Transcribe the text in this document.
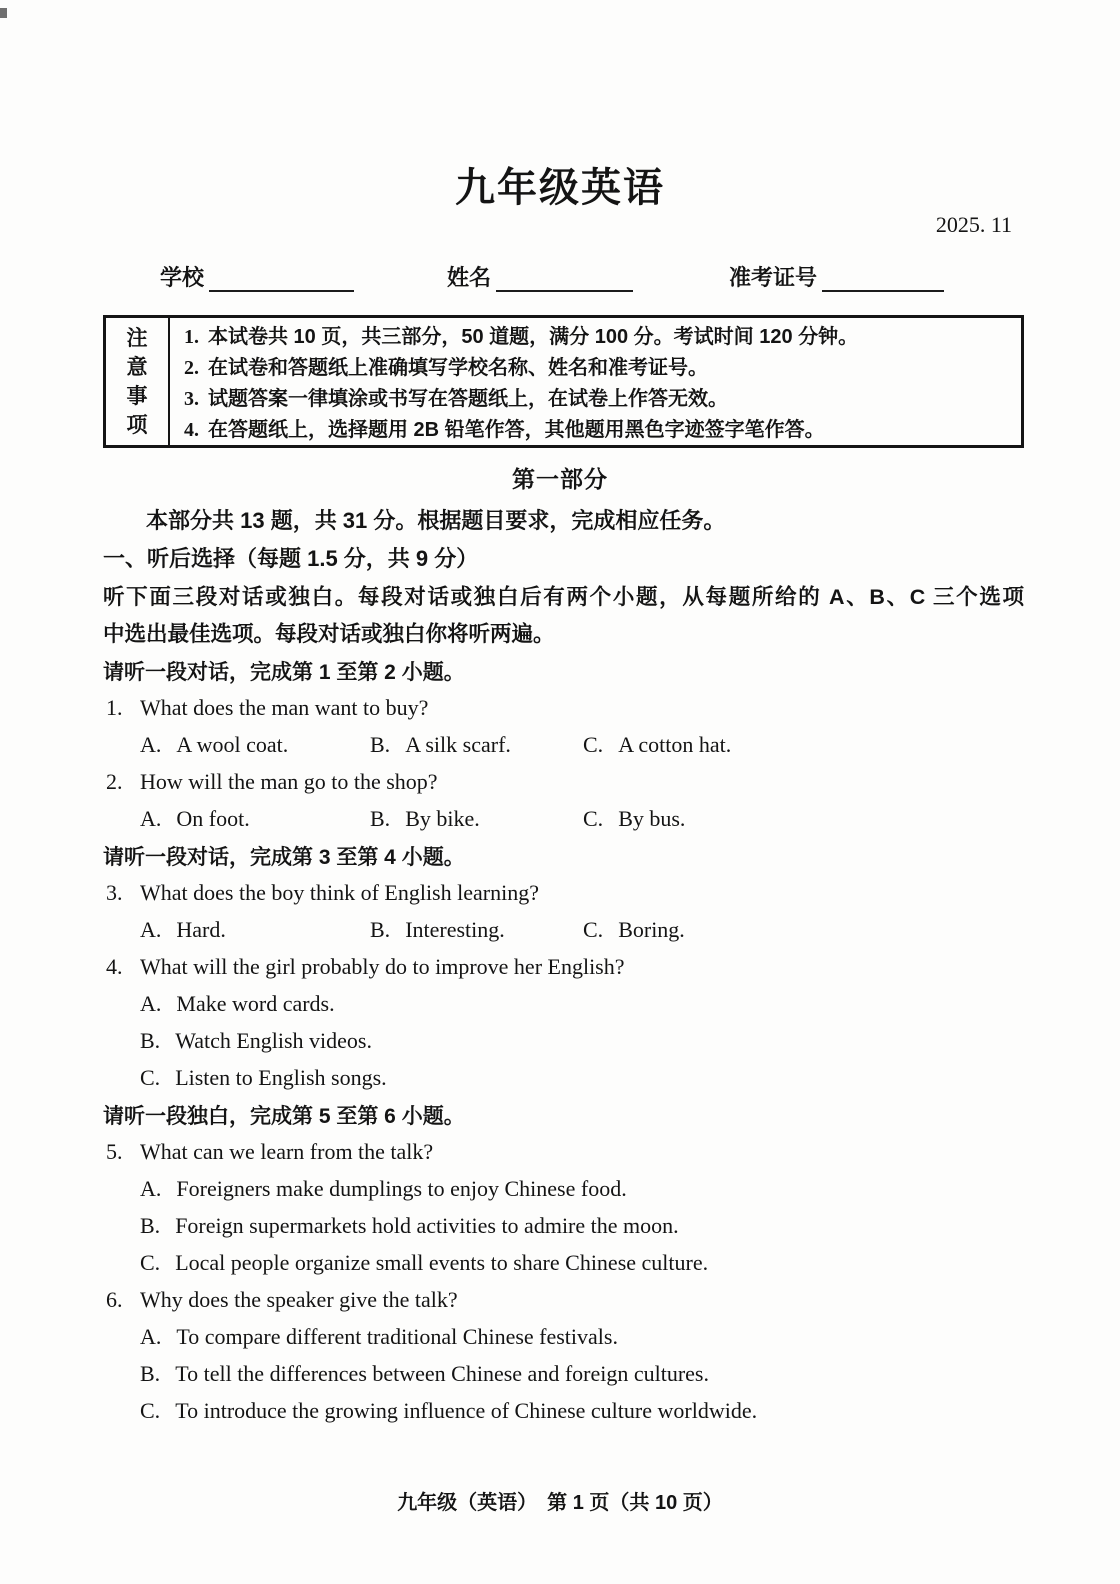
九年级英语
2025. 11
学校	姓名	准考证号
注
意
事
项
1. 本试卷共 10 页，共三部分，50 道题，满分 100 分。考试时间 120 分钟。
2. 在试卷和答题纸上准确填写学校名称、姓名和准考证号。
3. 试题答案一律填涂或书写在答题纸上，在试卷上作答无效。
4. 在答题纸上，选择题用 2B 铅笔作答，其他题用黑色字迹签字笔作答。
第一部分
本部分共 13 题，共 31 分。根据题目要求，完成相应任务。
一、听后选择（每题 1.5 分，共 9 分）
听下面三段对话或独白。每段对话或独白后有两个小题，从每题所给的 A、B、C 三个选项
中选出最佳选项。每段对话或独白你将听两遍。
请听一段对话，完成第 1 至第 2 小题。
1. What does the man want to buy?
A. A wool coat.	B. A silk scarf.	C. A cotton hat.
2. How will the man go to the shop?
A. On foot.	B. By bike.	C. By bus.
请听一段对话，完成第 3 至第 4 小题。
3. What does the boy think of English learning?
A. Hard.	B. Interesting.	C. Boring.
4. What will the girl probably do to improve her English?
A. Make word cards.
B. Watch English videos.
C. Listen to English songs.
请听一段独白，完成第 5 至第 6 小题。
5. What can we learn from the talk?
A. Foreigners make dumplings to enjoy Chinese food.
B. Foreign supermarkets hold activities to admire the moon.
C. Local people organize small events to share Chinese culture.
6. Why does the speaker give the talk?
A. To compare different traditional Chinese festivals.
B. To tell the differences between Chinese and foreign cultures.
C. To introduce the growing influence of Chinese culture worldwide.
九年级（英语）　第 1 页（共 10 页）
